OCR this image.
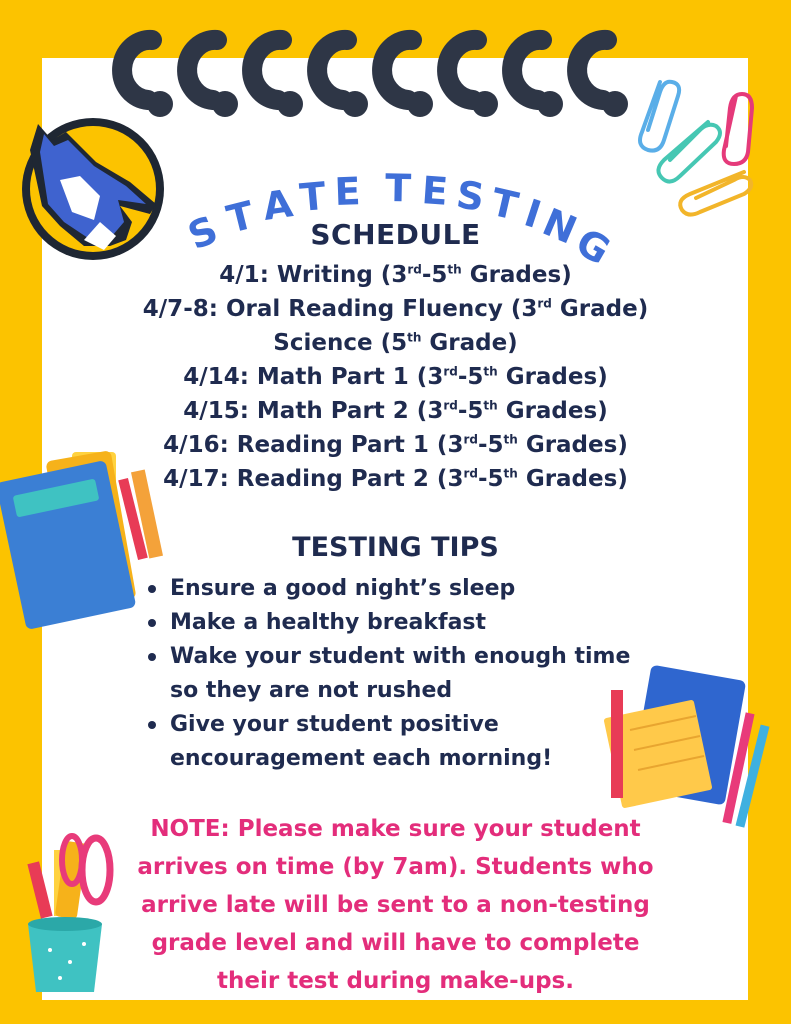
S
T A T E T E S T
I
N
G
SCHEDULE
4/1: Writing (3rd-5th Grades)
4/7-8: Oral Reading Fluency (3rd Grade)
Science (5th Grade)
4/14: Math Part 1 (3rd-5th Grades)
4/15: Math Part 2 (3rd-5th Grades)
4/16: Reading Part 1 (3rd-5th Grades)
4/17: Reading Part 2 (3rd-5th Grades)
TESTING TIPS
Ensure a good night’s sleep
Make a healthy breakfast
Wake your student with enough time so they are not rushed
Give your student positive encouragement each morning!
NOTE: Please make sure your student arrives on time (by 7am). Students who arrive late will be sent to a non-testing grade level and will have to complete their test during make-ups.
